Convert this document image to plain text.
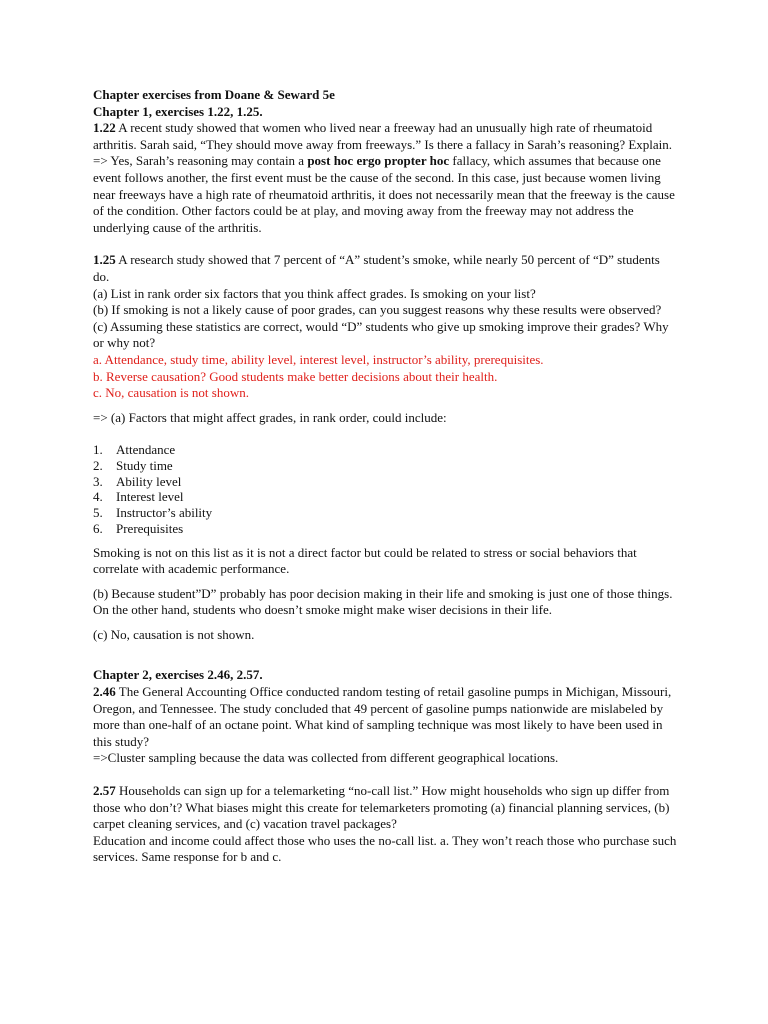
Chapter exercises from Doane & Seward 5e

Chapter 1, exercises 1.22, 1.25.

1.22 A recent study showed that women who lived near a freeway had an unusually high rate of rheumatoid arthritis. Sarah said, “They should move away from freeways.” Is there a fallacy in Sarah’s reasoning? Explain.

=> Yes, Sarah’s reasoning may contain a post hoc ergo propter hoc fallacy, which assumes that because one event follows another, the first event must be the cause of the second. In this case, just because women living near freeways have a high rate of rheumatoid arthritis, it does not necessarily mean that the freeway is the cause of the condition. Other factors could be at play, and moving away from the freeway may not address the underlying cause of the arthritis.

1.25 A research study showed that 7 percent of “A” student’s smoke, while nearly 50 percent of “D” students do.

(a) List in rank order six factors that you think affect grades. Is smoking on your list?

(b) If smoking is not a likely cause of poor grades, can you suggest reasons why these results were observed?

(c) Assuming these statistics are correct, would “D” students who give up smoking improve their grades? Why or why not?

a. Attendance, study time, ability level, interest level, instructor’s ability, prerequisites.

b. Reverse causation? Good students make better decisions about their health.

c. No, causation is not shown.

=> (a) Factors that might affect grades, in rank order, could include:

1. Attendance
2. Study time
3. Ability level
4. Interest level
5. Instructor’s ability
6. Prerequisites

Smoking is not on this list as it is not a direct factor but could be related to stress or social behaviors that correlate with academic performance.

(b) Because student”D” probably has poor decision making in their life and smoking is just one of those things. On the other hand, students who doesn’t smoke might make wiser decisions in their life.

(c) No, causation is not shown.

Chapter 2, exercises 2.46, 2.57.

2.46 The General Accounting Office conducted random testing of retail gasoline pumps in Michigan, Missouri, Oregon, and Tennessee. The study concluded that 49 percent of gasoline pumps nationwide are mislabeled by more than one-half of an octane point. What kind of sampling technique was most likely to have been used in this study?

=>Cluster sampling because the data was collected from different geographical locations.

2.57 Households can sign up for a telemarketing “no-call list.” How might households who sign up differ from those who don’t? What biases might this create for telemarketers promoting (a) financial planning services, (b) carpet cleaning services, and (c) vacation travel packages?

Education and income could affect those who uses the no-call list. a. They won’t reach those who purchase such services. Same response for b and c.
